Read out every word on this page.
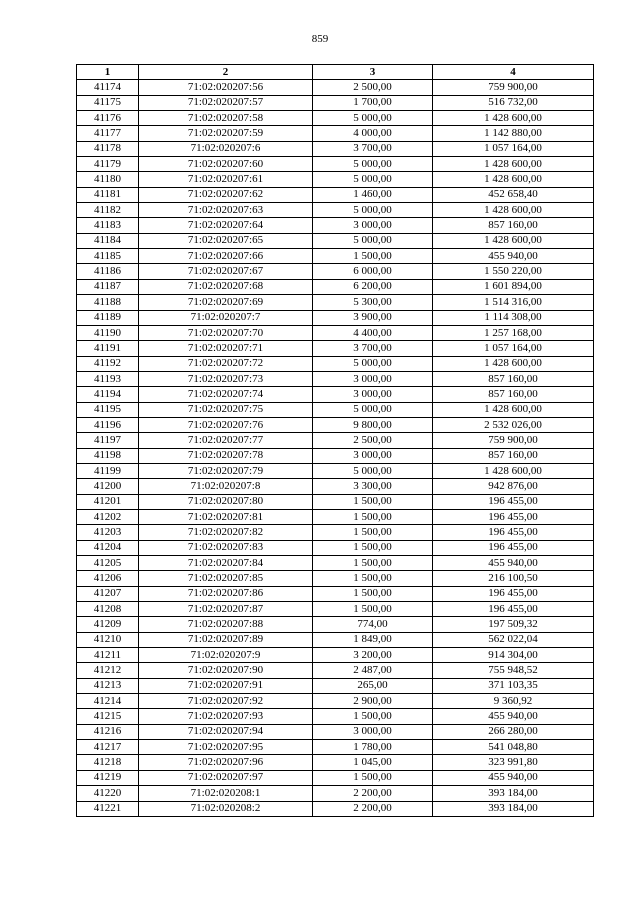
859
1	2	3	4
41174	71:02:020207:56	2 500,00	759 900,00
41175	71:02:020207:57	1 700,00	516 732,00
41176	71:02:020207:58	5 000,00	1 428 600,00
41177	71:02:020207:59	4 000,00	1 142 880,00
41178	71:02:020207:6	3 700,00	1 057 164,00
41179	71:02:020207:60	5 000,00	1 428 600,00
41180	71:02:020207:61	5 000,00	1 428 600,00
41181	71:02:020207:62	1 460,00	452 658,40
41182	71:02:020207:63	5 000,00	1 428 600,00
41183	71:02:020207:64	3 000,00	857 160,00
41184	71:02:020207:65	5 000,00	1 428 600,00
41185	71:02:020207:66	1 500,00	455 940,00
41186	71:02:020207:67	6 000,00	1 550 220,00
41187	71:02:020207:68	6 200,00	1 601 894,00
41188	71:02:020207:69	5 300,00	1 514 316,00
41189	71:02:020207:7	3 900,00	1 114 308,00
41190	71:02:020207:70	4 400,00	1 257 168,00
41191	71:02:020207:71	3 700,00	1 057 164,00
41192	71:02:020207:72	5 000,00	1 428 600,00
41193	71:02:020207:73	3 000,00	857 160,00
41194	71:02:020207:74	3 000,00	857 160,00
41195	71:02:020207:75	5 000,00	1 428 600,00
41196	71:02:020207:76	9 800,00	2 532 026,00
41197	71:02:020207:77	2 500,00	759 900,00
41198	71:02:020207:78	3 000,00	857 160,00
41199	71:02:020207:79	5 000,00	1 428 600,00
41200	71:02:020207:8	3 300,00	942 876,00
41201	71:02:020207:80	1 500,00	196 455,00
41202	71:02:020207:81	1 500,00	196 455,00
41203	71:02:020207:82	1 500,00	196 455,00
41204	71:02:020207:83	1 500,00	196 455,00
41205	71:02:020207:84	1 500,00	455 940,00
41206	71:02:020207:85	1 500,00	216 100,50
41207	71:02:020207:86	1 500,00	196 455,00
41208	71:02:020207:87	1 500,00	196 455,00
41209	71:02:020207:88	774,00	197 509,32
41210	71:02:020207:89	1 849,00	562 022,04
41211	71:02:020207:9	3 200,00	914 304,00
41212	71:02:020207:90	2 487,00	755 948,52
41213	71:02:020207:91	265,00	371 103,35
41214	71:02:020207:92	2 900,00	9 360,92
41215	71:02:020207:93	1 500,00	455 940,00
41216	71:02:020207:94	3 000,00	266 280,00
41217	71:02:020207:95	1 780,00	541 048,80
41218	71:02:020207:96	1 045,00	323 991,80
41219	71:02:020207:97	1 500,00	455 940,00
41220	71:02:020208:1	2 200,00	393 184,00
41221	71:02:020208:2	2 200,00	393 184,00
